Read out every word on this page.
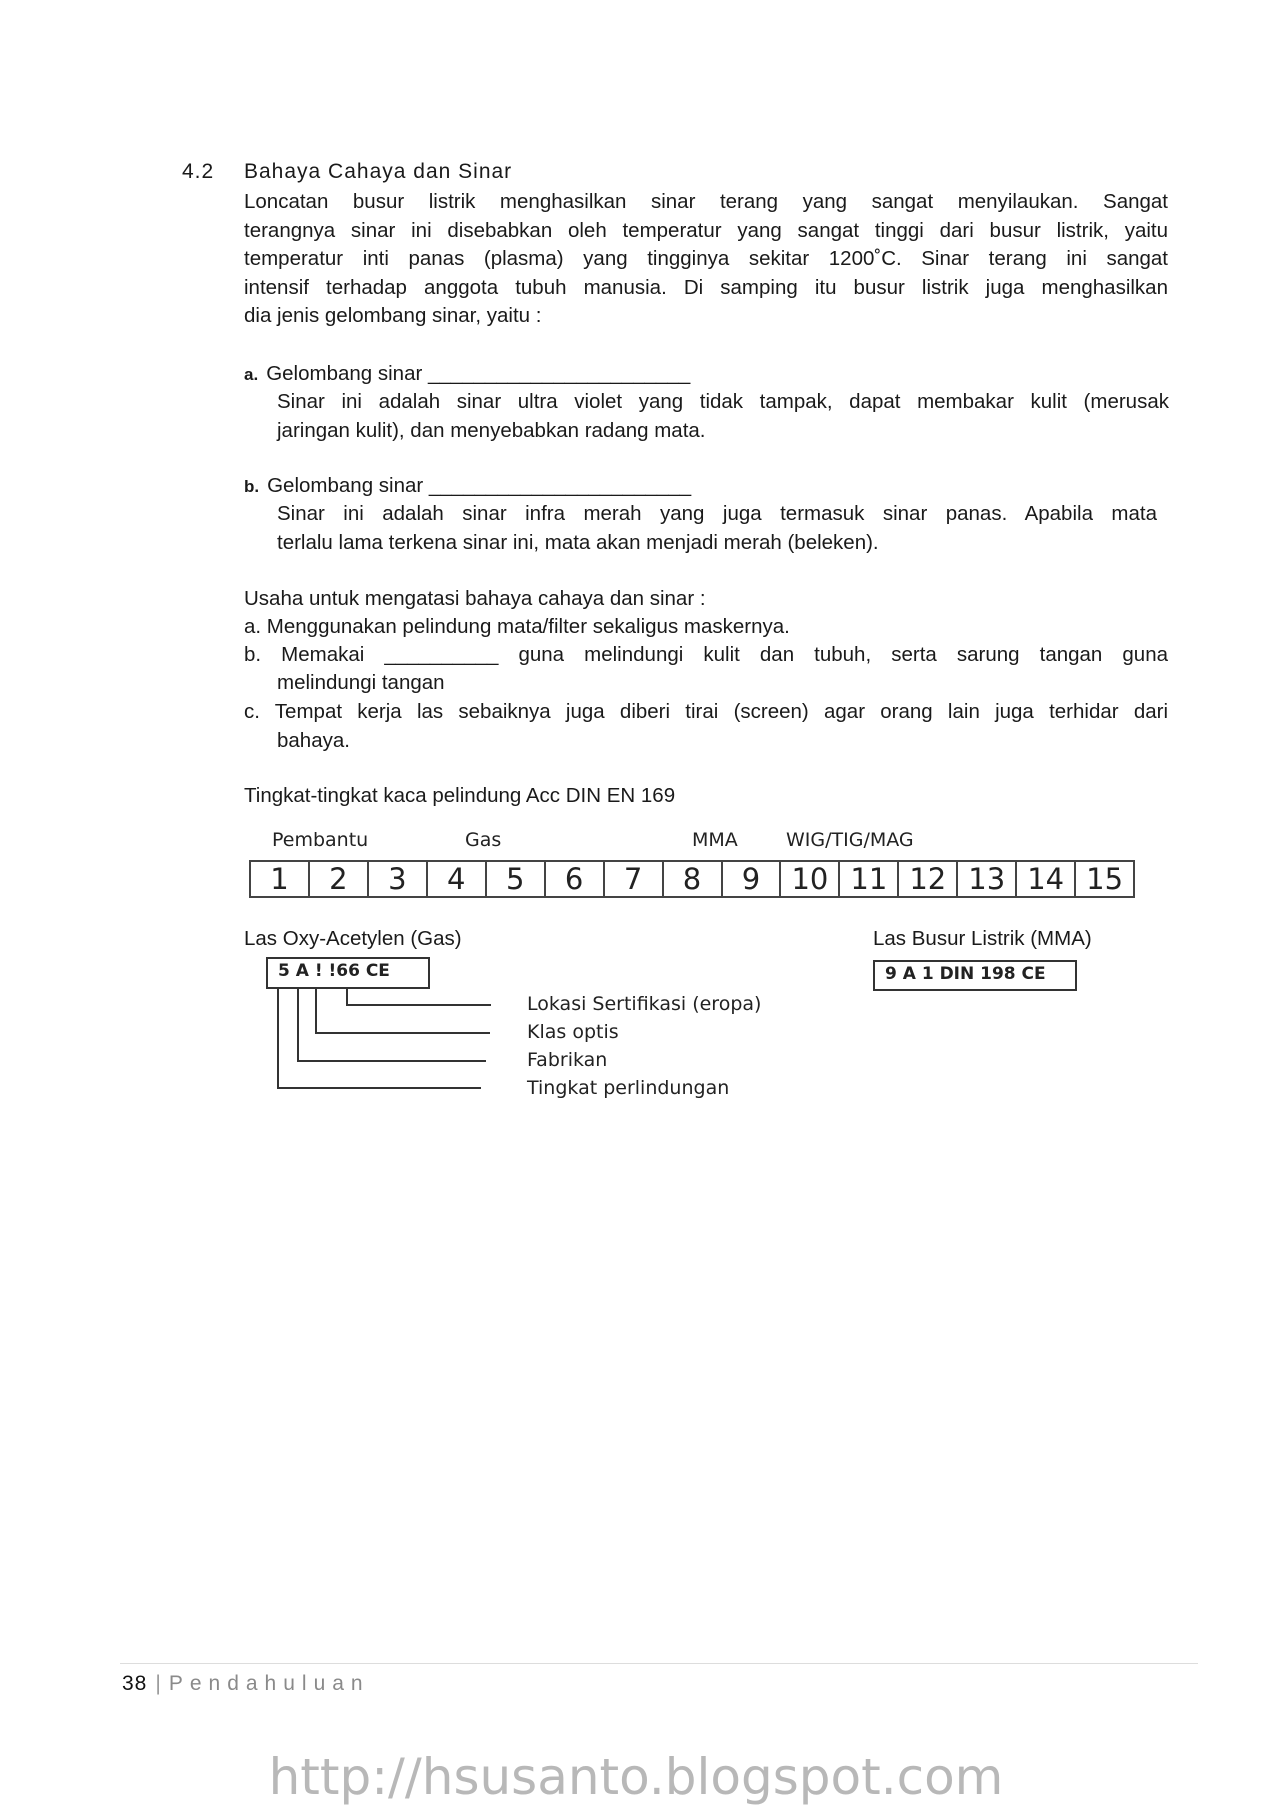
4.2 Bahaya Cahaya dan Sinar
Loncatan busur listrik menghasilkan sinar terang yang sangat menyilaukan. Sangat
terangnya sinar ini disebabkan oleh temperatur yang sangat tinggi dari busur listrik, yaitu
temperatur inti panas (plasma) yang tingginya sekitar 1200˚C. Sinar terang ini sangat
intensif terhadap anggota tubuh manusia. Di samping itu busur listrik juga menghasilkan
dia jenis gelombang sinar, yaitu :
a. Gelombang sinar _______________________
Sinar ini adalah sinar ultra violet yang tidak tampak, dapat membakar kulit (merusak
jaringan kulit), dan menyebabkan radang mata.
b. Gelombang sinar _______________________
Sinar ini adalah sinar infra merah yang juga termasuk sinar panas. Apabila mata
terlalu lama terkena sinar ini, mata akan menjadi merah (beleken).
Usaha untuk mengatasi bahaya cahaya dan sinar :
a. Menggunakan pelindung mata/filter sekaligus maskernya.
b. Memakai __________ guna melindungi kulit dan tubuh, serta sarung tangan guna
melindungi tangan
c. Tempat kerja las sebaiknya juga diberi tirai (screen) agar orang lain juga terhidar dari
bahaya.
Tingkat-tingkat kaca pelindung Acc DIN EN 169
Pembantu	Gas	MMA	WIG/TIG/MAG
1	2	3	4	5	6	7	8	9	10 11 12 13 14 15
Las Oxy-Acetylen (Gas)
5 A ! !66 CE
Lokasi Sertifikasi (eropa)
Klas optis
Fabrikan
Tingkat perlindungan
Las Busur Listrik (MMA)
9 A 1 DIN 198 CE
38 | Pendahuluan
http://hsusanto.blogspot.com
